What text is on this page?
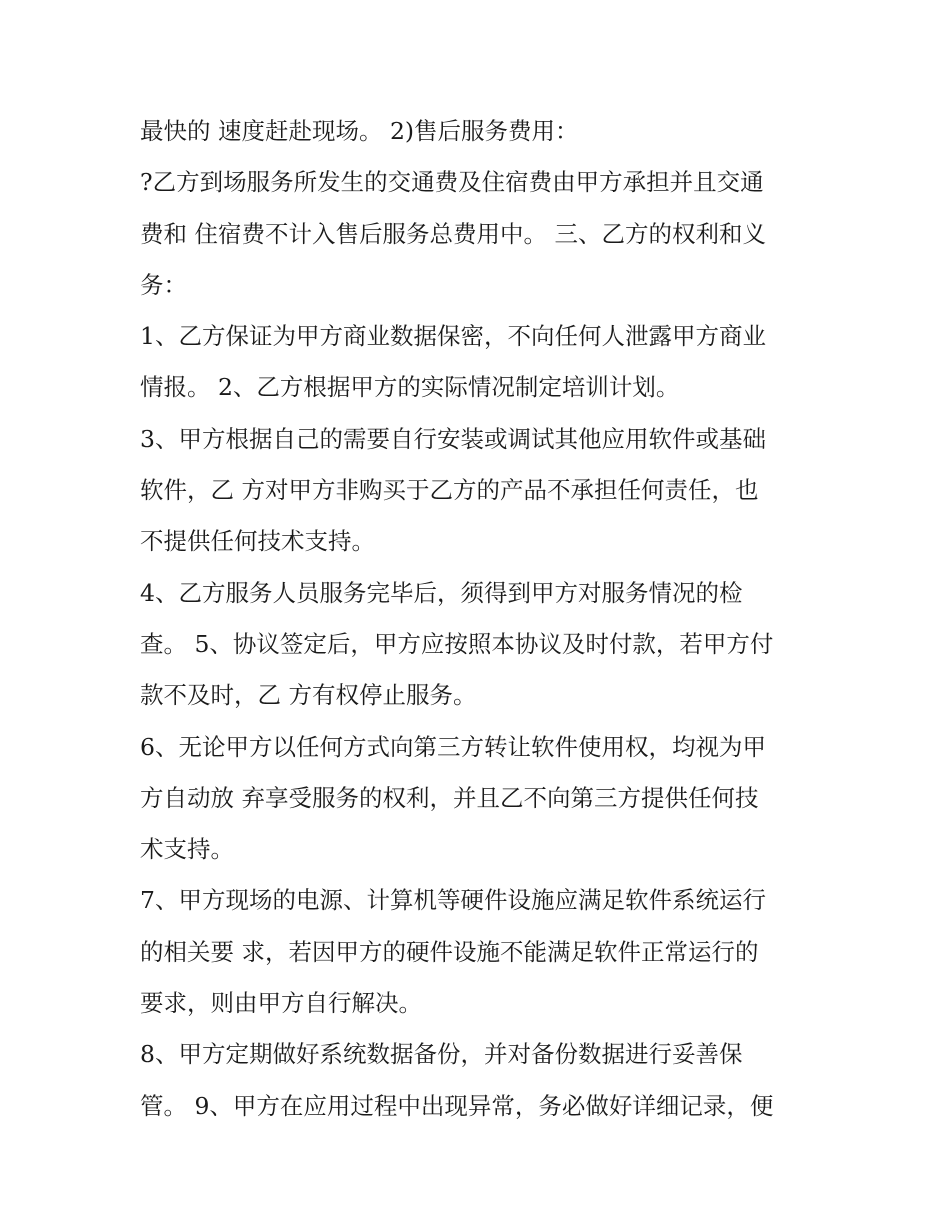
最快的 速度赶赴现场。 2)售后服务费用：
?乙方到场服务所发生的交通费及住宿费由甲方承担并且交通
费和 住宿费不计入售后服务总费用中。 三、乙方的权利和义
务：
1、乙方保证为甲方商业数据保密，不向任何人泄露甲方商业
情报。 2、乙方根据甲方的实际情况制定培训计划。
3、甲方根据自己的需要自行安装或调试其他应用软件或基础
软件，乙 方对甲方非购买于乙方的产品不承担任何责任，也
不提供任何技术支持。
4、乙方服务人员服务完毕后，须得到甲方对服务情况的检
查。 5、协议签定后，甲方应按照本协议及时付款，若甲方付
款不及时，乙 方有权停止服务。
6、无论甲方以任何方式向第三方转让软件使用权，均视为甲
方自动放 弃享受服务的权利，并且乙不向第三方提供任何技
术支持。
7、甲方现场的电源、计算机等硬件设施应满足软件系统运行
的相关要 求，若因甲方的硬件设施不能满足软件正常运行的
要求，则由甲方自行解决。
8、甲方定期做好系统数据备份，并对备份数据进行妥善保
管。 9、甲方在应用过程中出现异常，务必做好详细记录，便
